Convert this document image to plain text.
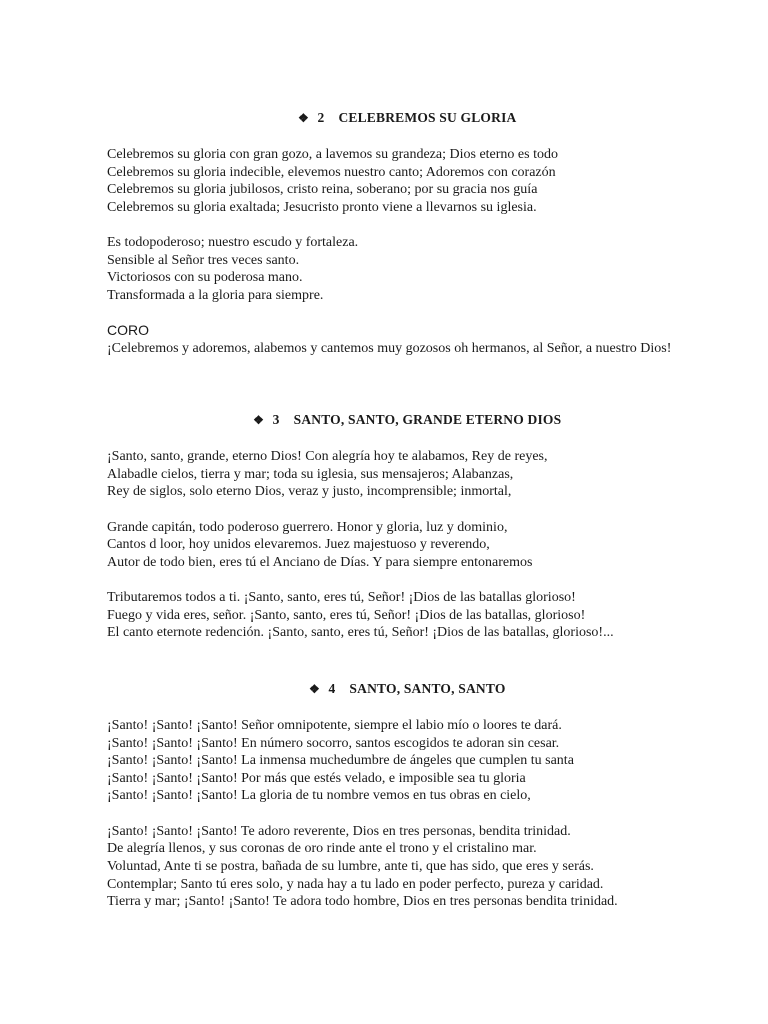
❖ 2 CELEBREMOS SU GLORIA
Celebremos su gloria con gran gozo, a lavemos su grandeza; Dios eterno es todo
Celebremos su gloria indecible, elevemos nuestro canto; Adoremos con corazón
Celebremos su gloria jubilosos, cristo reina, soberano; por su gracia nos guía
Celebremos su gloria exaltada; Jesucristo pronto viene a llevarnos su iglesia.
Es todopoderoso; nuestro escudo y fortaleza.
Sensible al Señor tres veces santo.
Victoriosos con su poderosa mano.
Transformada a la gloria para siempre.
CORO
¡Celebremos y adoremos, alabemos y cantemos muy gozosos oh hermanos, al Señor, a nuestro Dios!
❖ 3 SANTO, SANTO, GRANDE ETERNO DIOS
¡Santo, santo, grande, eterno Dios! Con alegría hoy te alabamos, Rey de reyes,
Alabadle cielos, tierra y mar; toda su iglesia, sus mensajeros; Alabanzas,
Rey de siglos, solo eterno Dios, veraz y justo, incomprensible; inmortal,
Grande capitán, todo poderoso guerrero. Honor y gloria, luz y dominio,
Cantos d loor, hoy unidos elevaremos. Juez majestuoso y reverendo,
Autor de todo bien, eres tú el Anciano de Días. Y para siempre entonaremos
Tributaremos todos a ti. ¡Santo, santo, eres tú, Señor! ¡Dios de las batallas glorioso!
Fuego y vida eres, señor. ¡Santo, santo, eres tú, Señor! ¡Dios de las batallas, glorioso!
El canto eternote redención. ¡Santo, santo, eres tú, Señor! ¡Dios de las batallas, glorioso!...
❖ 4 SANTO, SANTO, SANTO
¡Santo! ¡Santo! ¡Santo! Señor omnipotente, siempre el labio mío o loores te dará.
¡Santo! ¡Santo! ¡Santo! En número socorro, santos escogidos te adoran sin cesar.
¡Santo! ¡Santo! ¡Santo! La inmensa muchedumbre de ángeles que cumplen tu santa
¡Santo! ¡Santo! ¡Santo! Por más que estés velado, e imposible sea tu gloria
¡Santo! ¡Santo! ¡Santo! La gloria de tu nombre vemos en tus obras en cielo,
¡Santo! ¡Santo! ¡Santo! Te adoro reverente, Dios en tres personas, bendita trinidad.
De alegría llenos, y sus coronas de oro rinde ante el trono y el cristalino mar.
Voluntad, Ante ti se postra, bañada de su lumbre, ante ti, que has sido, que eres y serás.
Contemplar; Santo tú eres solo, y nada hay a tu lado en poder perfecto, pureza y caridad.
Tierra y mar; ¡Santo! ¡Santo! Te adora todo hombre, Dios en tres personas bendita trinidad.
